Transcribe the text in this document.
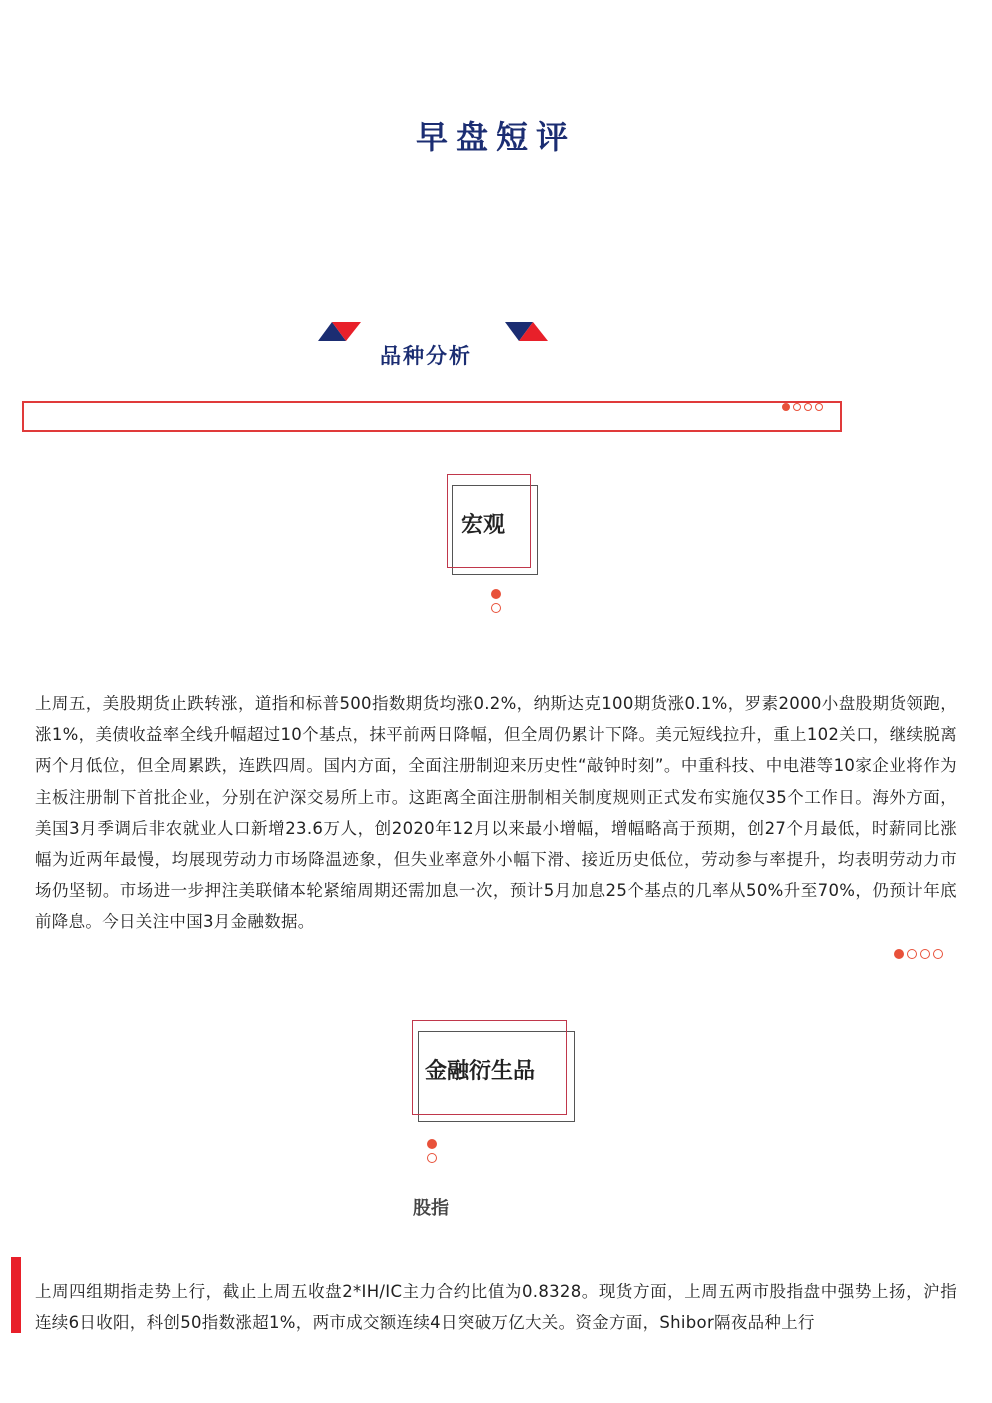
早盘短评
品种分析
宏观
上周五，美股期货止跌转涨，道指和标普500指数期货均涨0.2%，纳斯达克100期货涨0.1%，罗素2000小盘股期货领跑，涨1%，美债收益率全线升幅超过10个基点，抹平前两日降幅，但全周仍累计下降。美元短线拉升，重上102关口，继续脱离两个月低位，但全周累跌，连跌四周。国内方面，全面注册制迎来历史性“敲钟时刻”。中重科技、中电港等10家企业将作为主板注册制下首批企业，分别在沪深交易所上市。这距离全面注册制相关制度规则正式发布实施仅35个工作日。海外方面，美国3月季调后非农就业人口新增23.6万人，创2020年12月以来最小增幅，增幅略高于预期，创27个月最低，时薪同比涨幅为近两年最慢，均展现劳动力市场降温迹象，但失业率意外小幅下滑、接近历史低位，劳动参与率提升，均表明劳动力市场仍坚韧。市场进一步押注美联储本轮紧缩周期还需加息一次，预计5月加息25个基点的几率从50%升至70%，仍预计年底前降息。今日关注中国3月金融数据。
金融衍生品
股指
上周四组期指走势上行，截止上周五收盘2*IH/IC主力合约比值为0.8328。现货方面，上周五两市股指盘中强势上扬，沪指连续6日收阳，科创50指数涨超1%，两市成交额连续4日突破万亿大关。资金方面，Shibor隔夜品种上行
